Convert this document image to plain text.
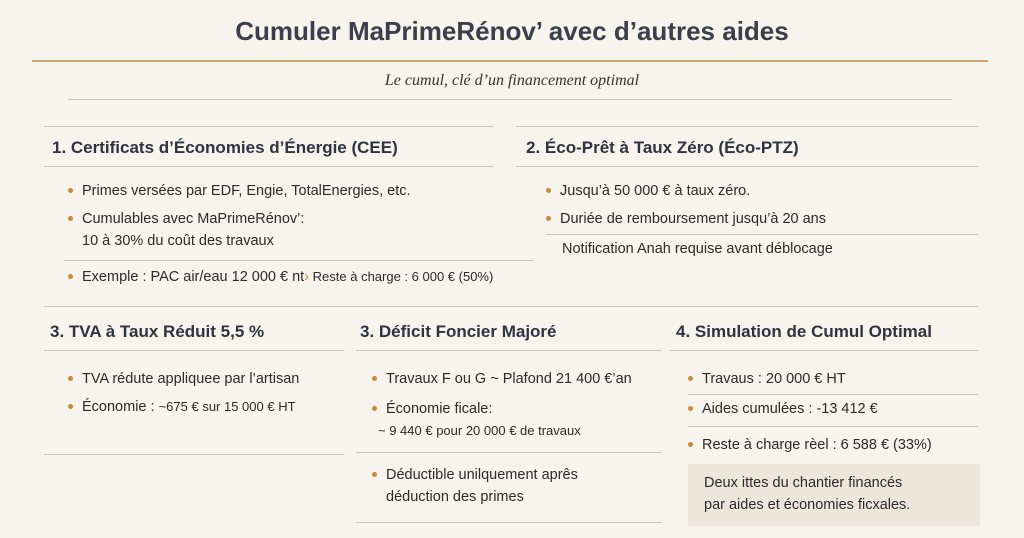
Cumuler MaPrimeRénov’ avec d’autres aides
Le cumul, clé d’un financement optimal
1. Certificats d’Économies d’Énergie (CEE)
Primes versées par EDF, Engie, TotalEnergies, etc.
Cumulables avec MaPrimeRénov’:
10 à 30% du coût des travaux
Exemple : PAC air/eau 12 000 € nt› Reste à charge : 6 000 € (50%)
2. Éco-Prêt à Taux Zéro (Éco-PTZ)
Jusqu’à 50 000 € à taux zéro.
Duriée de remboursement jusqu’à 20 ans
Notification Anah requise avant déblocage
3. TVA à Taux Réduit 5,5 %
TVA rédute appliquee par l’artisan
Économie : ~675 € sur 15 000 € HT
3. Déficit Foncier Majoré
Travaux F ou G ~ Plafond 21 400 €’an
Économie ficale:
~ 9 440 € pour 20 000 € de travaux
Déductible unilquement aprês
déduction des primes
4. Simulation de Cumul Optimal
Travaus : 20 000 € HT
Aides cumulées : -13 412 €
Reste à charge rèel : 6 588 € (33%)
Deux ittes du chantier financés
par aides et économies ficxales.
